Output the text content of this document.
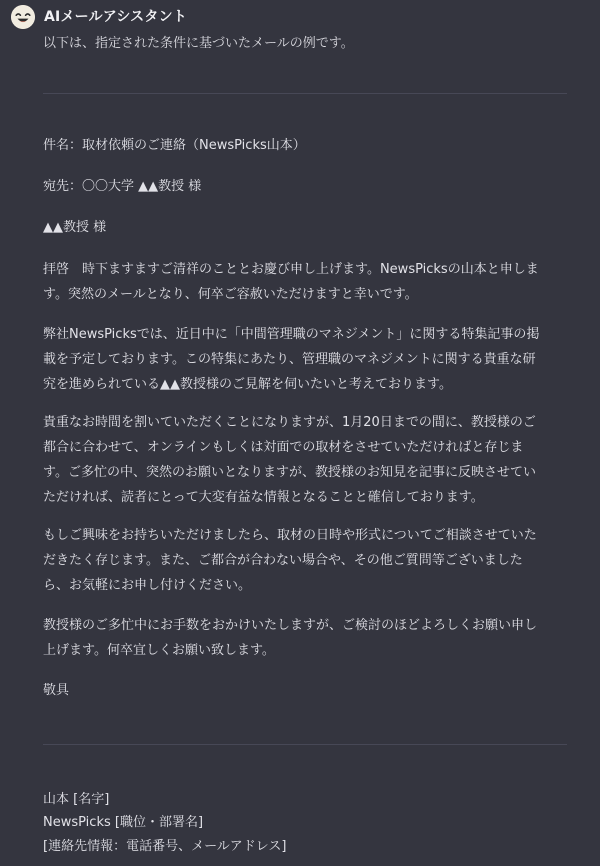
AIメールアシスタント
以下は、指定された条件に基づいたメールの例です。
件名：取材依頼のご連絡（NewsPicks山本）
宛先：〇〇大学 ▲▲教授 様
▲▲教授 様
拝啓　時下ますますご清祥のこととお慶び申し上げます。NewsPicksの山本と申しま
す。突然のメールとなり、何卒ご容赦いただけますと幸いです。
弊社NewsPicksでは、近日中に「中間管理職のマネジメント」に関する特集記事の掲
載を予定しております。この特集にあたり、管理職のマネジメントに関する貴重な研
究を進められている▲▲教授様のご見解を伺いたいと考えております。
貴重なお時間を割いていただくことになりますが、1月20日までの間に、教授様のご
都合に合わせて、オンラインもしくは対面での取材をさせていただければと存じま
す。ご多忙の中、突然のお願いとなりますが、教授様のお知見を記事に反映させてい
ただければ、読者にとって大変有益な情報となることと確信しております。
もしご興味をお持ちいただけましたら、取材の日時や形式についてご相談させていた
だきたく存じます。また、ご都合が合わない場合や、その他ご質問等ございました
ら、お気軽にお申し付けください。
教授様のご多忙中にお手数をおかけいたしますが、ご検討のほどよろしくお願い申し
上げます。何卒宜しくお願い致します。
敬具
山本 [名字]
NewsPicks [職位・部署名]
[連絡先情報：電話番号、メールアドレス]
